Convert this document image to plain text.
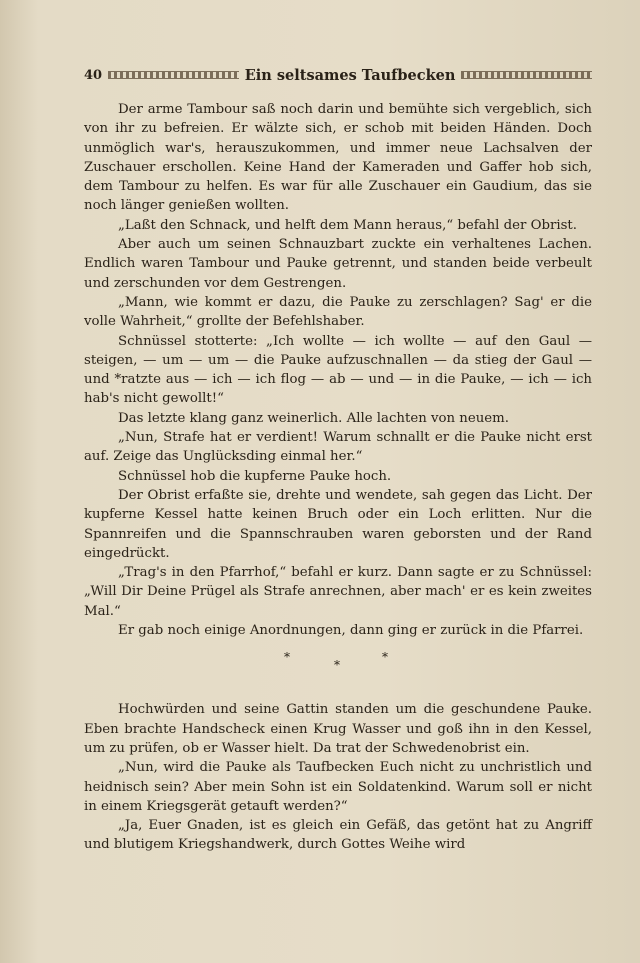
40	Ein seltsames Taufbecken

Der arme Tambour saß noch darin und bemühte sich vergeblich, sich von ihr zu befreien. Er wälzte sich, er schob mit beiden Händen. Doch unmöglich war's, herauszukommen, und immer neue Lachsalven der Zuschauer erschollen. Keine Hand der Kameraden und Gaffer hob sich, dem Tambour zu helfen. Es war für alle Zuschauer ein Gaudium, das sie noch länger genießen wollten.

„Laßt den Schnack, und helft dem Mann heraus,“ befahl der Obrist.

Aber auch um seinen Schnauzbart zuckte ein verhaltenes Lachen. Endlich waren Tambour und Pauke getrennt, und standen beide verbeult und zerschunden vor dem Gestrengen.

„Mann, wie kommt er dazu, die Pauke zu zerschlagen? Sag' er die volle Wahrheit,“ grollte der Befehlshaber.

Schnüssel stotterte: „Ich wollte — ich wollte — auf den Gaul — steigen, — um — um — die Pauke aufzuschnallen — da stieg der Gaul — und *ratzte aus — ich — ich flog — ab — und — in die Pauke, — ich — ich hab's nicht gewollt!“

Das letzte klang ganz weinerlich. Alle lachten von neuem.

„Nun, Strafe hat er verdient! Warum schnallt er die Pauke nicht erst auf. Zeige das Unglücksding einmal her.“

Schnüssel hob die kupferne Pauke hoch.

Der Obrist erfaßte sie, drehte und wendete, sah gegen das Licht. Der kupferne Kessel hatte keinen Bruch oder ein Loch erlitten. Nur die Spannreifen und die Spannschrauben waren geborsten und der Rand eingedrückt.

„Trag's in den Pfarrhof,“ befahl er kurz. Dann sagte er zu Schnüssel: „Will Dir Deine Prügel als Strafe anrechnen, aber mach' er es kein zweites Mal.“

Er gab noch einige Anordnungen, dann ging er zurück in die Pfarrei.

*
*
*

Hochwürden und seine Gattin standen um die geschundene Pauke. Eben brachte Handscheck einen Krug Wasser und goß ihn in den Kessel, um zu prüfen, ob er Wasser hielt. Da trat der Schwedenobrist ein.

„Nun, wird die Pauke als Taufbecken Euch nicht zu unchristlich und heidnisch sein? Aber mein Sohn ist ein Soldatenkind. Warum soll er nicht in einem Kriegsgerät getauft werden?“

„Ja, Euer Gnaden, ist es gleich ein Gefäß, das getönt hat zu Angriff und blutigem Kriegshandwerk, durch Gottes Weihe wird
